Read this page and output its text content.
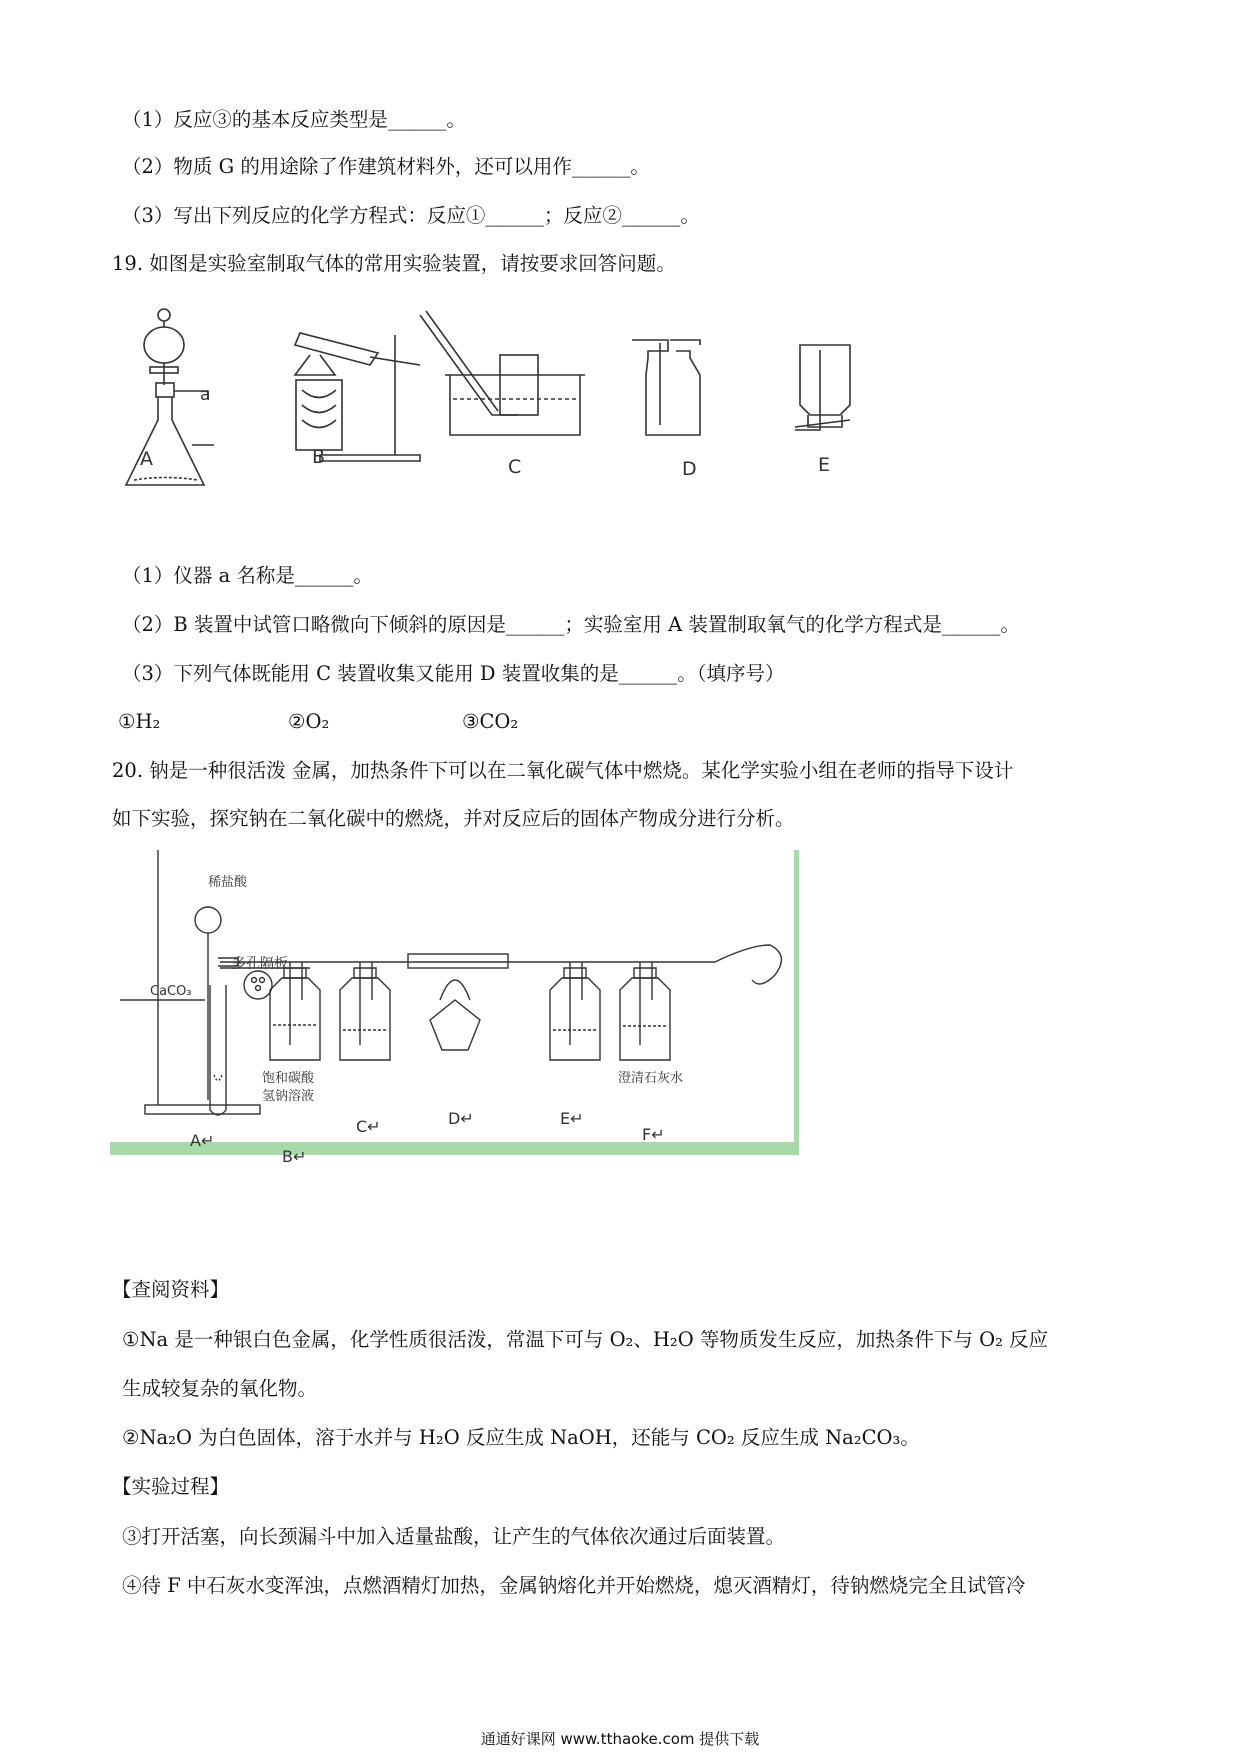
（1）反应③的基本反应类型是______。
（2）物质 G 的用途除了作建筑材料外，还可以用作______。
（3）写出下列反应的化学方程式：反应①______；反应②______。
19. 如图是实验室制取气体的常用实验装置，请按要求回答问题。
a
A	B	C	D	E
（1）仪器 a 名称是______。
（2）B 装置中试管口略微向下倾斜的原因是______；实验室用 A 装置制取氧气的化学方程式是______。
（3）下列气体既能用 C 装置收集又能用 D 装置收集的是______。（填序号）
①H₂	②O₂	③CO₂
20. 钠是一种很活泼 金属，加热条件下可以在二氧化碳气体中燃烧。某化学实验小组在老师的指导下设计
如下实验，探究钠在二氧化碳中的燃烧，并对反应后的固体产物成分进行分析。
稀盐酸
多孔隔板
CaCO₃
饱和碳酸
氢钠溶液
澄清石灰水
A↵
B↵
C↵	D↵	E↵
F↵
【查阅资料】
①Na 是一种银白色金属，化学性质很活泼，常温下可与 O₂、H₂O 等物质发生反应，加热条件下与 O₂ 反应
生成较复杂的氧化物。
②Na₂O 为白色固体，溶于水并与 H₂O 反应生成 NaOH，还能与 CO₂ 反应生成 Na₂CO₃。
【实验过程】
③打开活塞，向长颈漏斗中加入适量盐酸，让产生的气体依次通过后面装置。
④待 F 中石灰水变浑浊，点燃酒精灯加热，金属钠熔化并开始燃烧，熄灭酒精灯，待钠燃烧完全且试管冷
通通好课网 www.tthaoke.com 提供下载
